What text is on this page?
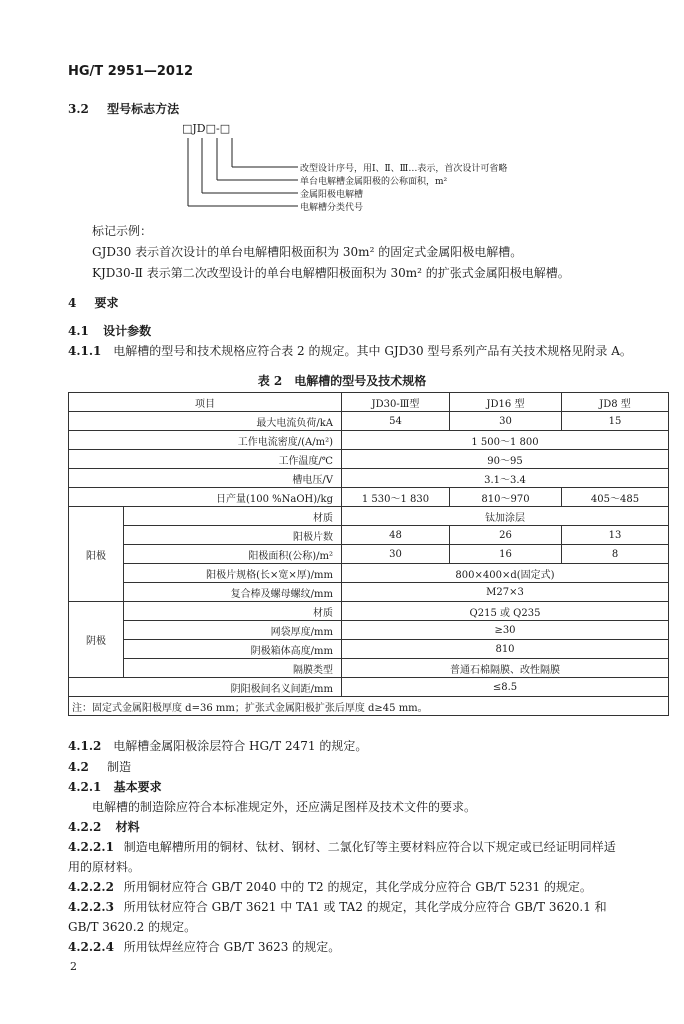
HG/T 2951—2012
3.2 型号标志方法
□JD□-□
改型设计序号，用Ⅰ、Ⅱ、Ⅲ…表示，首次设计可省略
单台电解槽金属阳极的公称面积，m²
金属阳极电解槽
电解槽分类代号
标记示例：
GJD30 表示首次设计的单台电解槽阳极面积为 30m² 的固定式金属阳极电解槽。
KJD30-Ⅱ 表示第二次改型设计的单台电解槽阳极面积为 30m² 的扩张式金属阳极电解槽。
4 要求
4.1 设计参数
4.1.1 电解槽的型号和技术规格应符合表 2 的规定。其中 GJD30 型号系列产品有关技术规格见附录 A。
表 2　电解槽的型号及技术规格
项目		JD30-Ⅲ型	JD16 型	JD8 型
最大电流负荷/kA		54	30	15
工作电流密度/(A/m²)		1 500～1 800		
工作温度/℃		90～95		
槽电压/V		3.1～3.4		
日产量(100 %NaOH)/kg		1 530～1 830	810～970	405～485
阳极	材质	钛加涂层		
	阳极片数	48	26	13
	阳极面积(公称)/m²	30	16	8
	阳极片规格(长×宽×厚)/mm	800×400×d(固定式)		
	复合棒及螺母螺纹/mm	M27×3		
阴极	材质	Q215 或 Q235		
	网袋厚度/mm	≥30		
	阴极箱体高度/mm	810		
	隔膜类型	普通石棉隔膜、改性隔膜		
阴阳极间名义间距/mm		≤8.5		
注：固定式金属阳极厚度 d=36 mm；扩张式金属阳极扩张后厚度 d≥45 mm。				
4.1.2 电解槽金属阳极涂层符合 HG/T 2471 的规定。
4.2 制造
4.2.1 基本要求
电解槽的制造除应符合本标准规定外，还应满足图样及技术文件的要求。
4.2.2 材料
4.2.2.1 制造电解槽所用的铜材、钛材、钢材、二氯化钌等主要材料应符合以下规定或已经证明同样适
用的原材料。
4.2.2.2 所用铜材应符合 GB/T 2040 中的 T2 的规定，其化学成分应符合 GB/T 5231 的规定。
4.2.2.3 所用钛材应符合 GB/T 3621 中 TA1 或 TA2 的规定，其化学成分应符合 GB/T 3620.1 和
GB/T 3620.2 的规定。
4.2.2.4 所用钛焊丝应符合 GB/T 3623 的规定。
2
